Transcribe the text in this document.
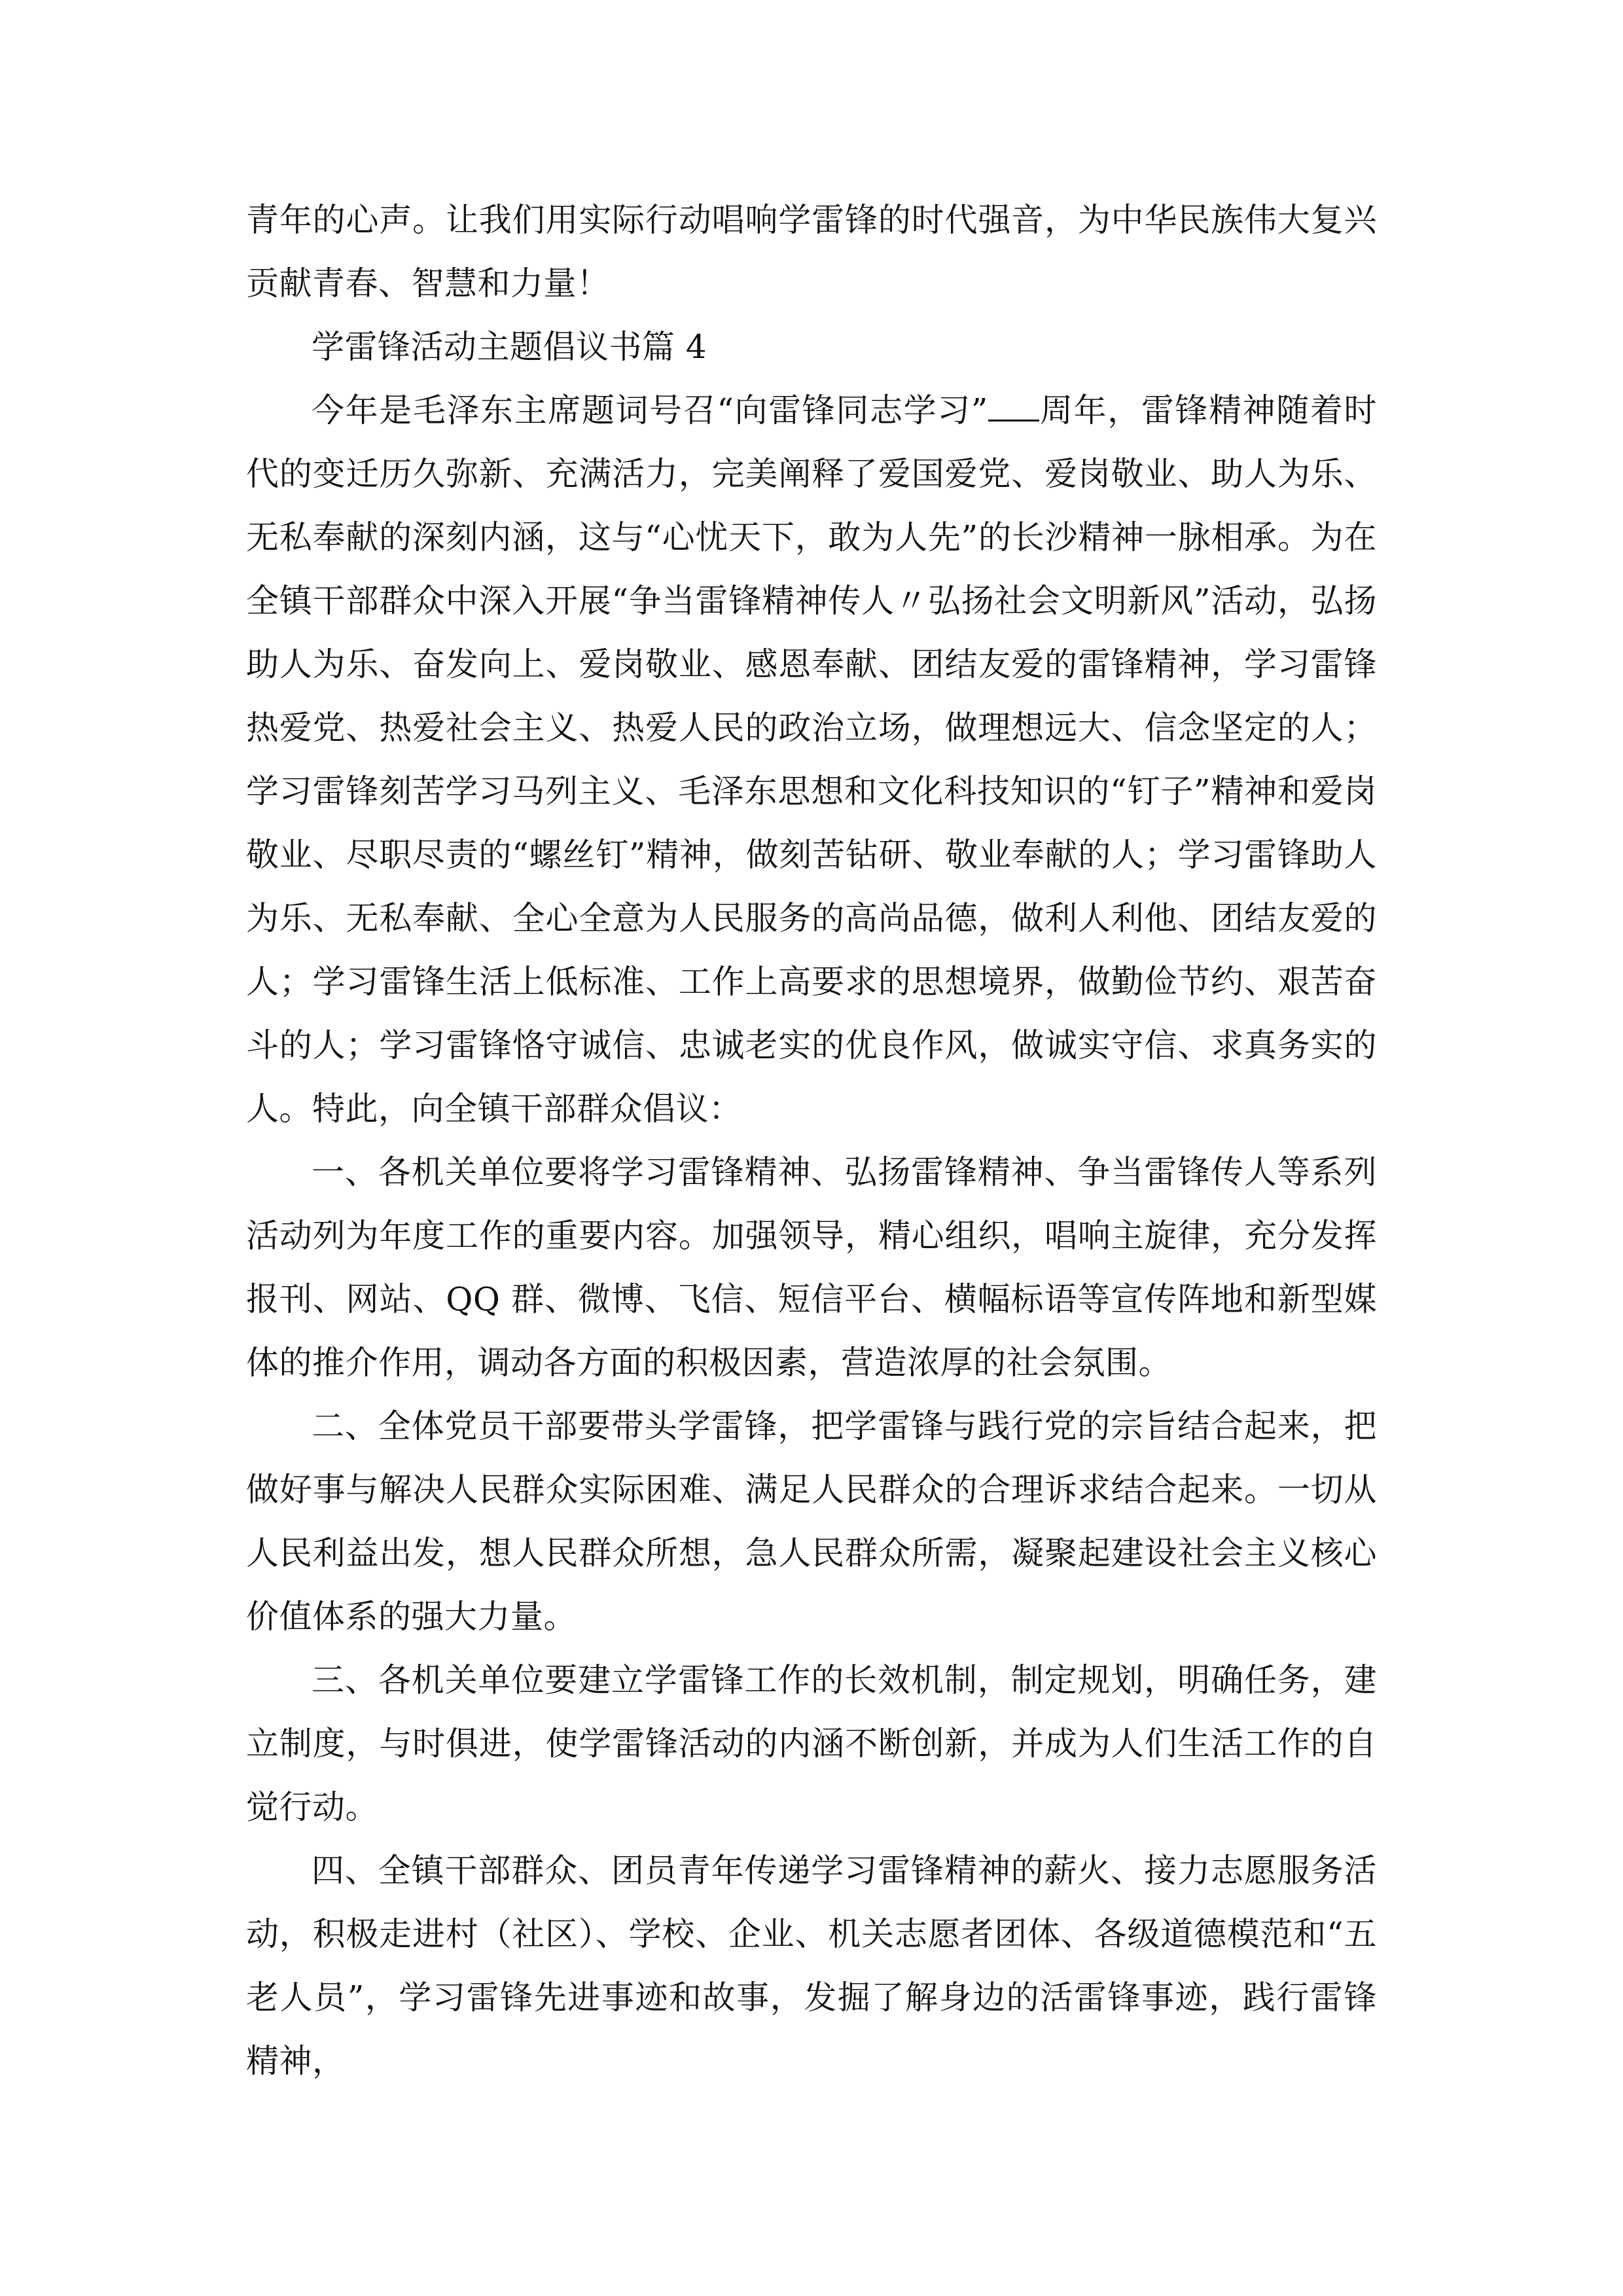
青年的心声。让我们用实际行动唱响学雷锋的时代强音，为中华民族伟大复兴贡献青春、智慧和力量！

学雷锋活动主题倡议书篇 4

今年是毛泽东主席题词号召“向雷锋同志学习” 周年，雷锋精神随着时代的变迁历久弥新、充满活力，完美阐释了爱国爱党、爱岗敬业、助人为乐、无私奉献的深刻内涵，这与“心忧天下，敢为人先”的长沙精神一脉相承。为在全镇干部群众中深入开展“争当雷锋精神传人〃弘扬社会文明新风”活动，弘扬助人为乐、奋发向上、爱岗敬业、感恩奉献、团结友爱的雷锋精神，学习雷锋热爱党、热爱社会主义、热爱人民的政治立场，做理想远大、信念坚定的人；学习雷锋刻苦学习马列主义、毛泽东思想和文化科技知识的“钉子”精神和爱岗敬业、尽职尽责的“螺丝钉”精神，做刻苦钻研、敬业奉献的人；学习雷锋助人为乐、无私奉献、全心全意为人民服务的高尚品德，做利人利他、团结友爱的人；学习雷锋生活上低标准、工作上高要求的思想境界，做勤俭节约、艰苦奋斗的人；学习雷锋恪守诚信、忠诚老实的优良作风，做诚实守信、求真务实的人。特此，向全镇干部群众倡议：

一、各机关单位要将学习雷锋精神、弘扬雷锋精神、争当雷锋传人等系列活动列为年度工作的重要内容。加强领导，精心组织，唱响主旋律，充分发挥报刊、网站、QQ 群、微博、飞信、短信平台、横幅标语等宣传阵地和新型媒体的推介作用，调动各方面的积极因素，营造浓厚的社会氛围。

二、全体党员干部要带头学雷锋，把学雷锋与践行党的宗旨结合起来，把做好事与解决人民群众实际困难、满足人民群众的合理诉求结合起来。一切从人民利益出发，想人民群众所想，急人民群众所需，凝聚起建设社会主义核心价值体系的强大力量。

三、各机关单位要建立学雷锋工作的长效机制，制定规划，明确任务，建立制度，与时俱进，使学雷锋活动的内涵不断创新，并成为人们生活工作的自觉行动。

四、全镇干部群众、团员青年传递学习雷锋精神的薪火、接力志愿服务活动，积极走进村（社区）、学校、企业、机关志愿者团体、各级道德模范和“五老人员”，学习雷锋先进事迹和故事，发掘了解身边的活雷锋事迹，践行雷锋精神，
